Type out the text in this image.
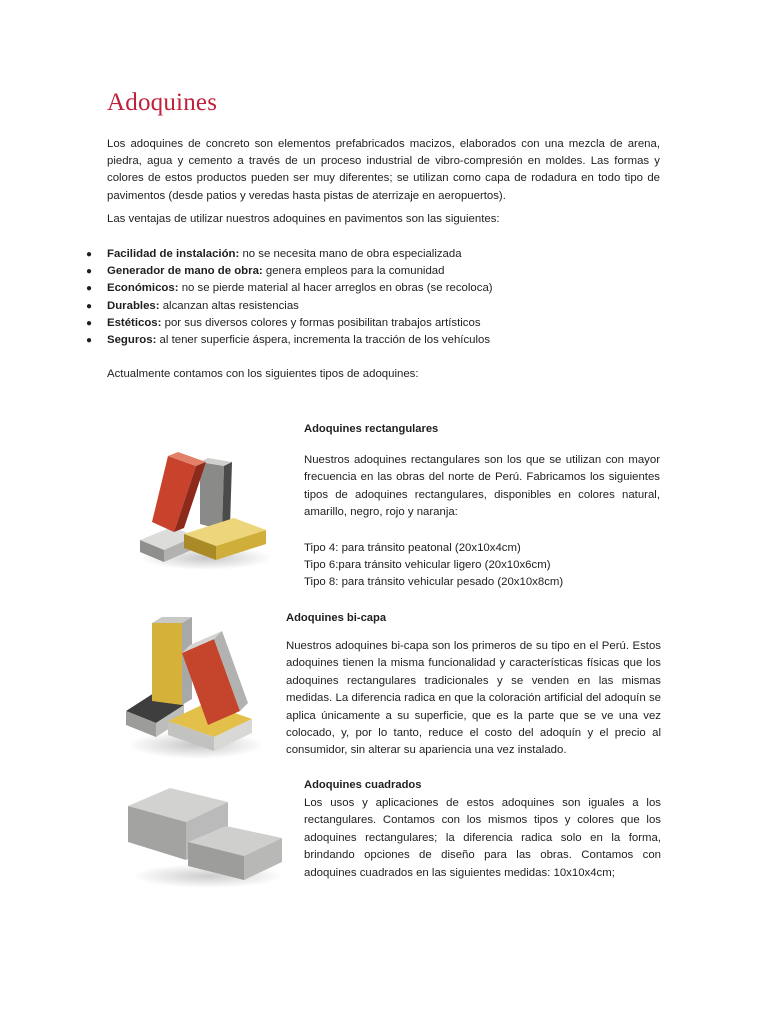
Adoquines

Los adoquines de concreto son elementos prefabricados macizos, elaborados con una mezcla de arena, piedra, agua y cemento a través de un proceso industrial de vibro-compresión en moldes. Las formas y colores de estos productos pueden ser muy diferentes; se utilizan como capa de rodadura en todo tipo de pavimentos (desde patios y veredas hasta pistas de aterrizaje en aeropuertos).

Las ventajas de utilizar nuestros adoquines en pavimentos son las siguientes:

● Facilidad de instalación: no se necesita mano de obra especializada
● Generador de mano de obra: genera empleos para la comunidad
● Económicos: no se pierde material al hacer arreglos en obras (se recoloca)
● Durables: alcanzan altas resistencias
● Estéticos: por sus diversos colores y formas posibilitan trabajos artísticos
● Seguros: al tener superficie áspera, incrementa la tracción de los vehículos

Actualmente contamos con los siguientes tipos de adoquines:

Adoquines rectangulares

Nuestros adoquines rectangulares son los que se utilizan con mayor frecuencia en las obras del norte de Perú. Fabricamos los siguientes tipos de adoquines rectangulares, disponibles en colores natural, amarillo, negro, rojo y naranja:

Tipo 4: para tránsito peatonal (20x10x4cm)
Tipo 6:para tránsito vehicular ligero (20x10x6cm)
Tipo 8: para tránsito vehicular pesado (20x10x8cm)
Adoquines bi-capa

Nuestros adoquines bi-capa son los primeros de su tipo en el Perú. Estos adoquines tienen la misma funcionalidad y características físicas que los adoquines rectangulares tradicionales y se venden en las mismas medidas. La diferencia radica en que la coloración artificial del adoquín se aplica únicamente a su superficie, que es la parte que se ve una vez colocado, y, por lo tanto, reduce el costo del adoquín y el precio al consumidor, sin alterar su apariencia una vez instalado.

Adoquines cuadrados

Los usos y aplicaciones de estos adoquines son iguales a los rectangulares. Contamos con los mismos tipos y colores que los adoquines rectangulares; la diferencia radica solo en la forma, brindando opciones de diseño para las obras. Contamos con adoquines cuadrados en las siguientes medidas: 10x10x4cm;
